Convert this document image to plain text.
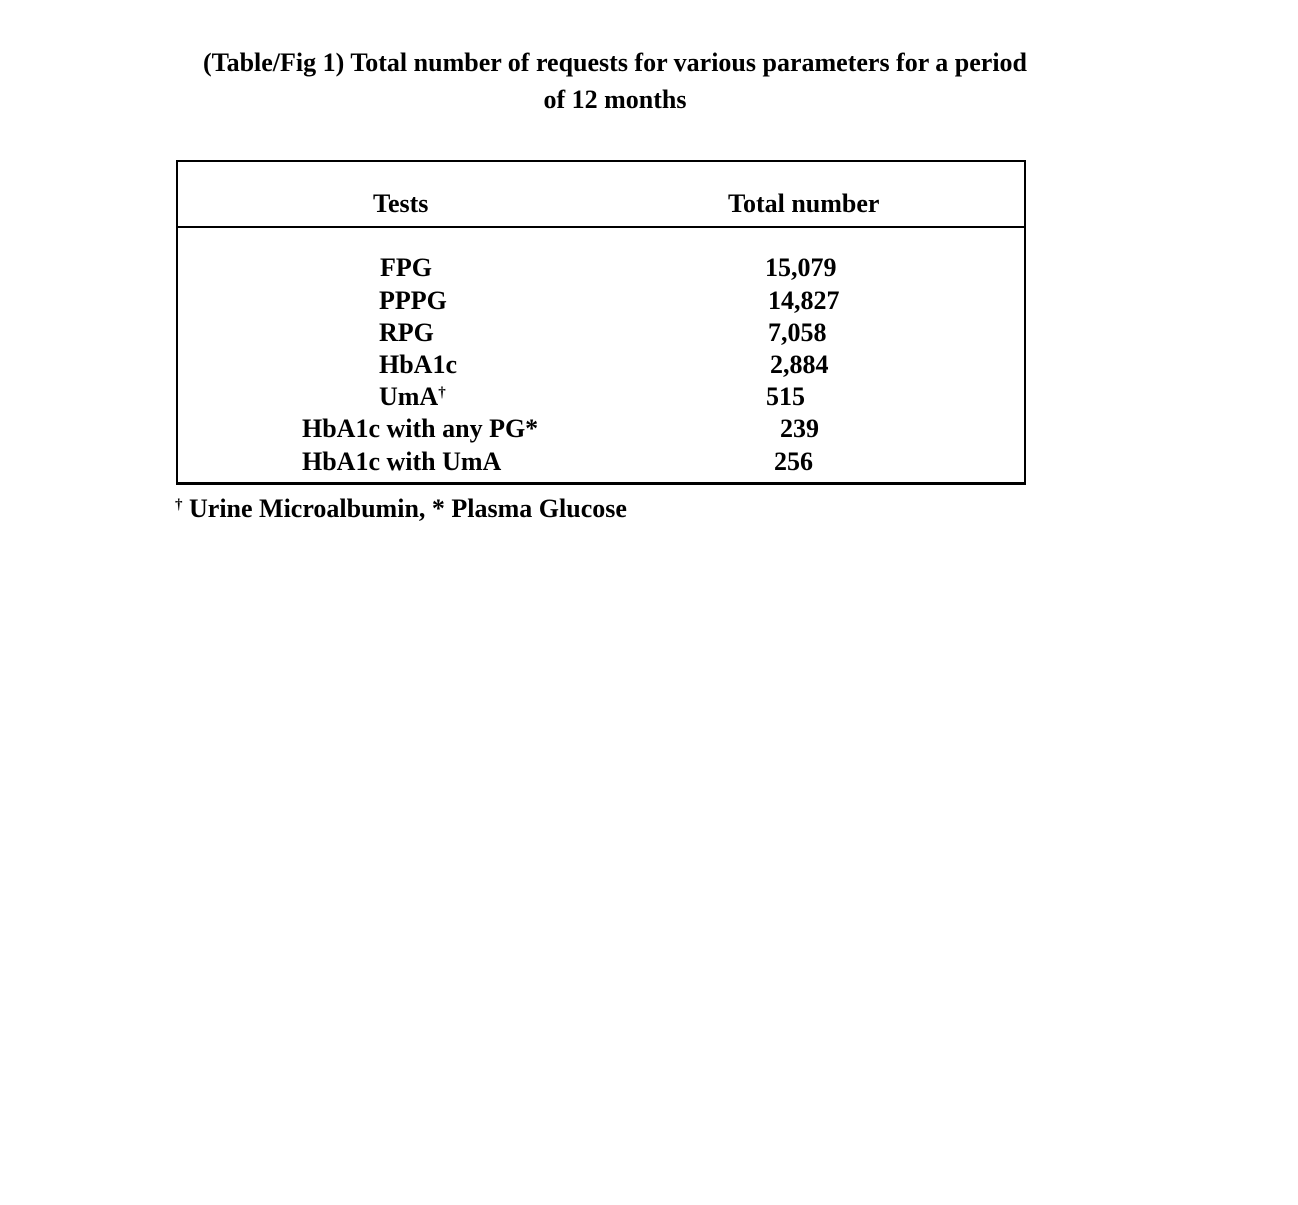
(Table/Fig 1) Total number of requests for various parameters for a period
of 12 months
Tests	Total number
FPG	15,079
PPPG	14,827
RPG	7,058
HbA1c	2,884
UmA†	515
HbA1c with any PG*	239
HbA1c with UmA	256
† Urine Microalbumin, * Plasma Glucose
